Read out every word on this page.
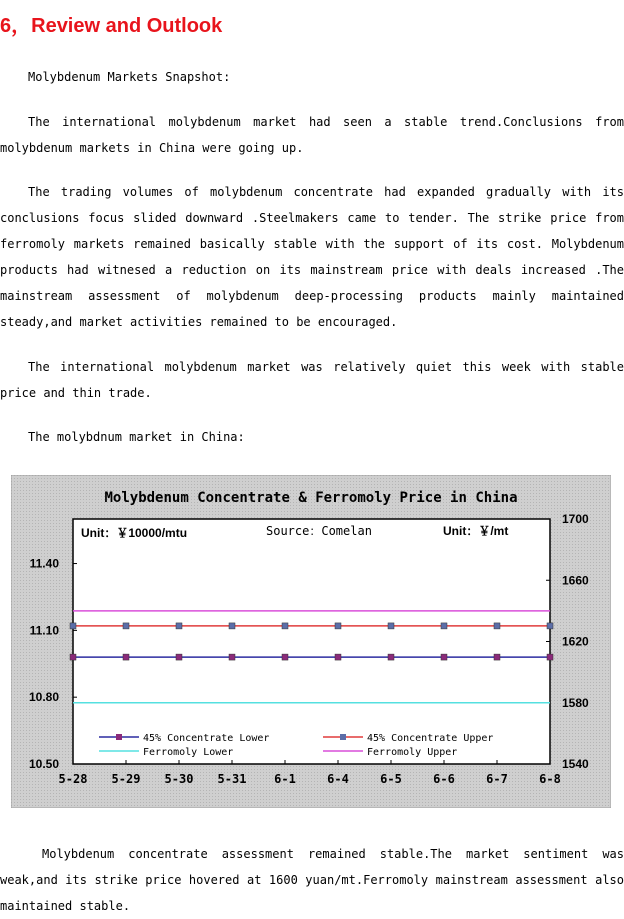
6，Review and Outlook
Molybdenum Markets Snapshot:

The international molybdenum market had seen a stable trend.Conclusions from molybdenum markets in China were going up.

The trading volumes of molybdenum concentrate had expanded gradually with its conclusions focus slided downward .Steelmakers came to tender. The strike price from ferromoly markets remained basically stable with the support of its cost. Molybdenum products had witnesed a reduction on its mainstream price with deals increased .The mainstream assessment of molybdenum deep-processing products mainly maintained steady,and market activities remained to be encouraged.

The international molybdenum market was relatively quiet this week with stable price and thin trade.

The molybdnum market in China:
Molybdenum Concentrate & Ferromoly Price in China
Unit：￥10000/mtu	Source：Comelan	Unit：￥/mt
10.50
10.80
11.10
11.40
1540
1580
1620
1660
1700
5-28 5-29 5-30 5-31 6-1	6-4	6-5	6-6	6-7	6-8
45% Concentrate Lower	45% Concentrate Upper
Ferromoly Lower	Ferromoly Upper

Molybdenum concentrate assessment remained stable.The market sentiment was weak,and its strike price hovered at 1600 yuan/mt.Ferromoly mainstream assessment also maintained stable.
